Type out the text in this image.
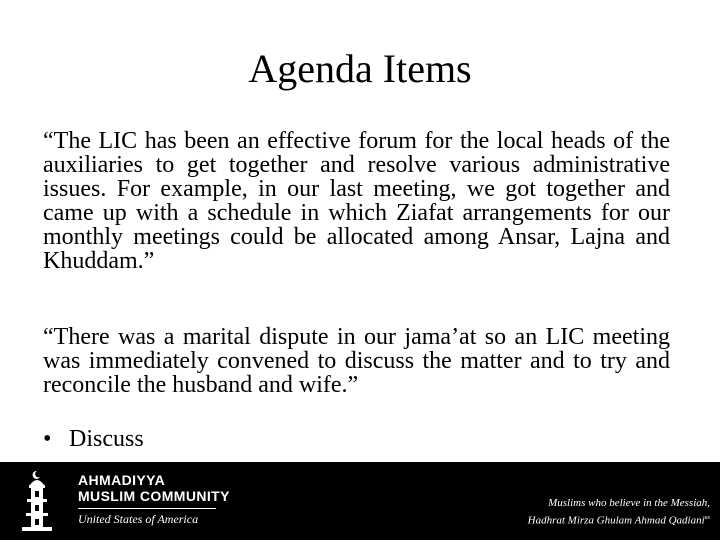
Agenda Items

“The LIC has been an effective forum for the local heads of the auxiliaries to get together and resolve various administrative issues. For example, in our last meeting, we got together and came up with a schedule in which Ziafat arrangements for our monthly meetings could be allocated among Ansar, Lajna and Khuddam.”

“There was a marital dispute in our jama’at so an LIC meeting was immediately convened to discuss the matter and to try and reconcile the husband and wife.”

• Discuss
AHMADIYYA
MUSLIM COMMUNITY
United States of America
Muslims who believe in the Messiah,
Hadhrat Mirza Ghulam Ahmad Qadiani$^{as}$
